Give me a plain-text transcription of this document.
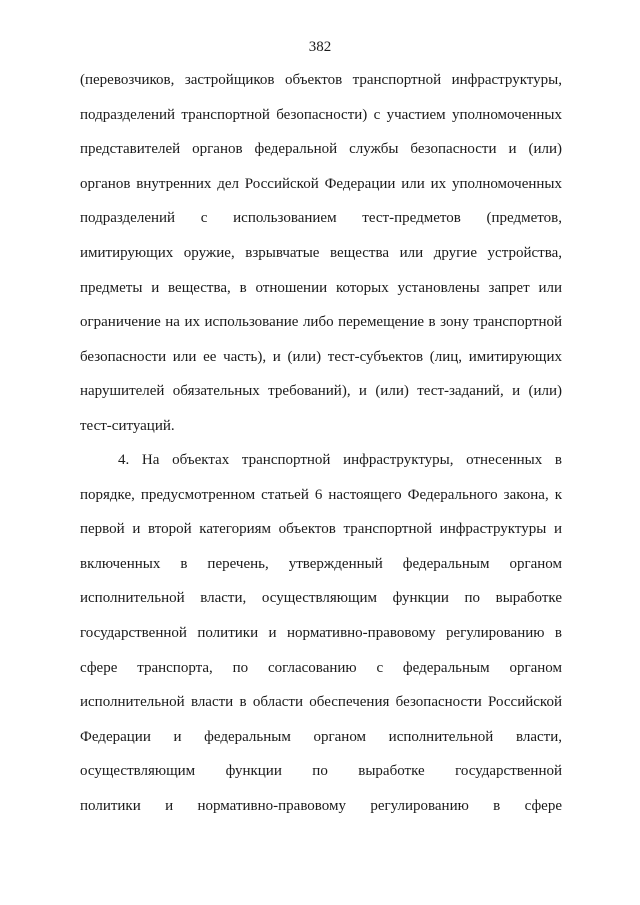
382
(перевозчиков, застройщиков объектов транспортной инфраструктуры,
подразделений транспортной безопасности) с участием уполномоченных
представителей органов федеральной службы безопасности и (или)
органов внутренних дел Российской Федерации или их уполномоченных
подразделений с использованием тест-предметов (предметов,
имитирующих оружие, взрывчатые вещества или другие устройства,
предметы и вещества, в отношении которых установлены запрет или
ограничение на их использование либо перемещение в зону транспортной
безопасности или ее часть), и (или) тест-субъектов (лиц, имитирующих
нарушителей обязательных требований), и (или) тест-заданий, и (или)
тест-ситуаций.
4. На объектах транспортной инфраструктуры, отнесенных в
порядке, предусмотренном статьей 6 настоящего Федерального закона, к
первой и второй категориям объектов транспортной инфраструктуры и
включенных в перечень, утвержденный федеральным органом
исполнительной власти, осуществляющим функции по выработке
государственной политики и нормативно-правовому регулированию в
сфере транспорта, по согласованию с федеральным органом
исполнительной власти в области обеспечения безопасности Российской
Федерации и федеральным органом исполнительной власти,
осуществляющим функции по выработке государственной
политики и нормативно-правовому регулированию в сфере
